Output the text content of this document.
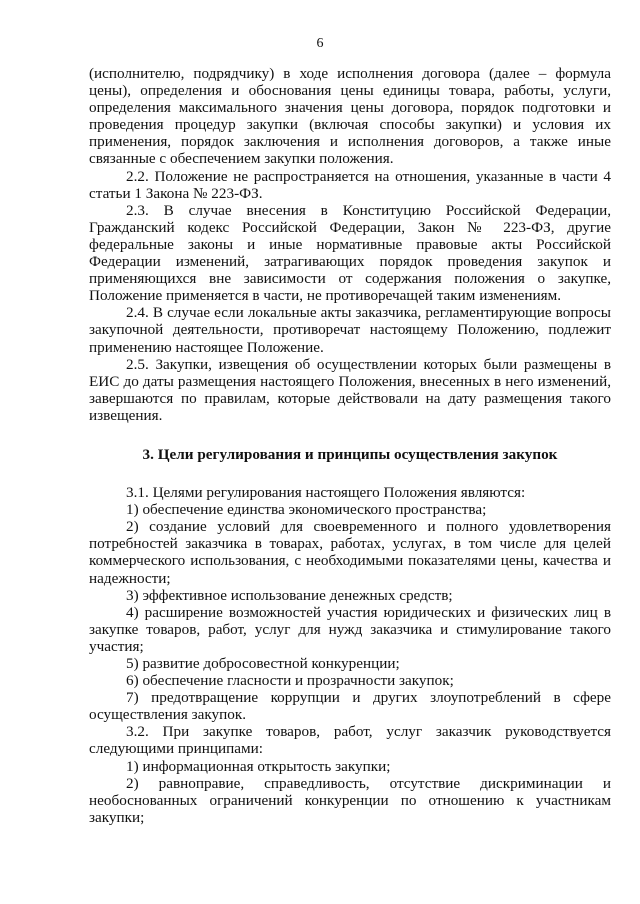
6

(исполнителю, подрядчику) в ходе исполнения договора (далее – формула цены), определения и обоснования цены единицы товара, работы, услуги, определения максимального значения цены договора, порядок подготовки и проведения процедур закупки (включая способы закупки) и условия их применения, порядок заключения и исполнения договоров, а также иные связанные с обеспечением закупки положения.

2.2. Положение не распространяется на отношения, указанные в части 4 статьи 1 Закона № 223-ФЗ.

2.3. В случае внесения в Конституцию Российской Федерации, Гражданский кодекс Российской Федерации, Закон № 223-ФЗ, другие федеральные законы и иные нормативные правовые акты Российской Федерации изменений, затрагивающих порядок проведения закупок и применяющихся вне зависимости от содержания положения о закупке, Положение применяется в части, не противоречащей таким изменениям.

2.4. В случае если локальные акты заказчика, регламентирующие вопросы закупочной деятельности, противоречат настоящему Положению, подлежит применению настоящее Положение.

2.5. Закупки, извещения об осуществлении которых были размещены в ЕИС до даты размещения настоящего Положения, внесенных в него изменений, завершаются по правилам, которые действовали на дату размещения такого извещения.

3. Цели регулирования и принципы осуществления закупок

3.1. Целями регулирования настоящего Положения являются:

1) обеспечение единства экономического пространства;

2) создание условий для своевременного и полного удовлетворения потребностей заказчика в товарах, работах, услугах, в том числе для целей коммерческого использования, с необходимыми показателями цены, качества и надежности;

3) эффективное использование денежных средств;

4) расширение возможностей участия юридических и физических лиц в закупке товаров, работ, услуг для нужд заказчика и стимулирование такого участия;

5) развитие добросовестной конкуренции;

6) обеспечение гласности и прозрачности закупок;

7) предотвращение коррупции и других злоупотреблений в сфере осуществления закупок.

3.2. При закупке товаров, работ, услуг заказчик руководствуется следующими принципами:

1) информационная открытость закупки;

2) равноправие, справедливость, отсутствие дискриминации и необоснованных ограничений конкуренции по отношению к участникам закупки;
